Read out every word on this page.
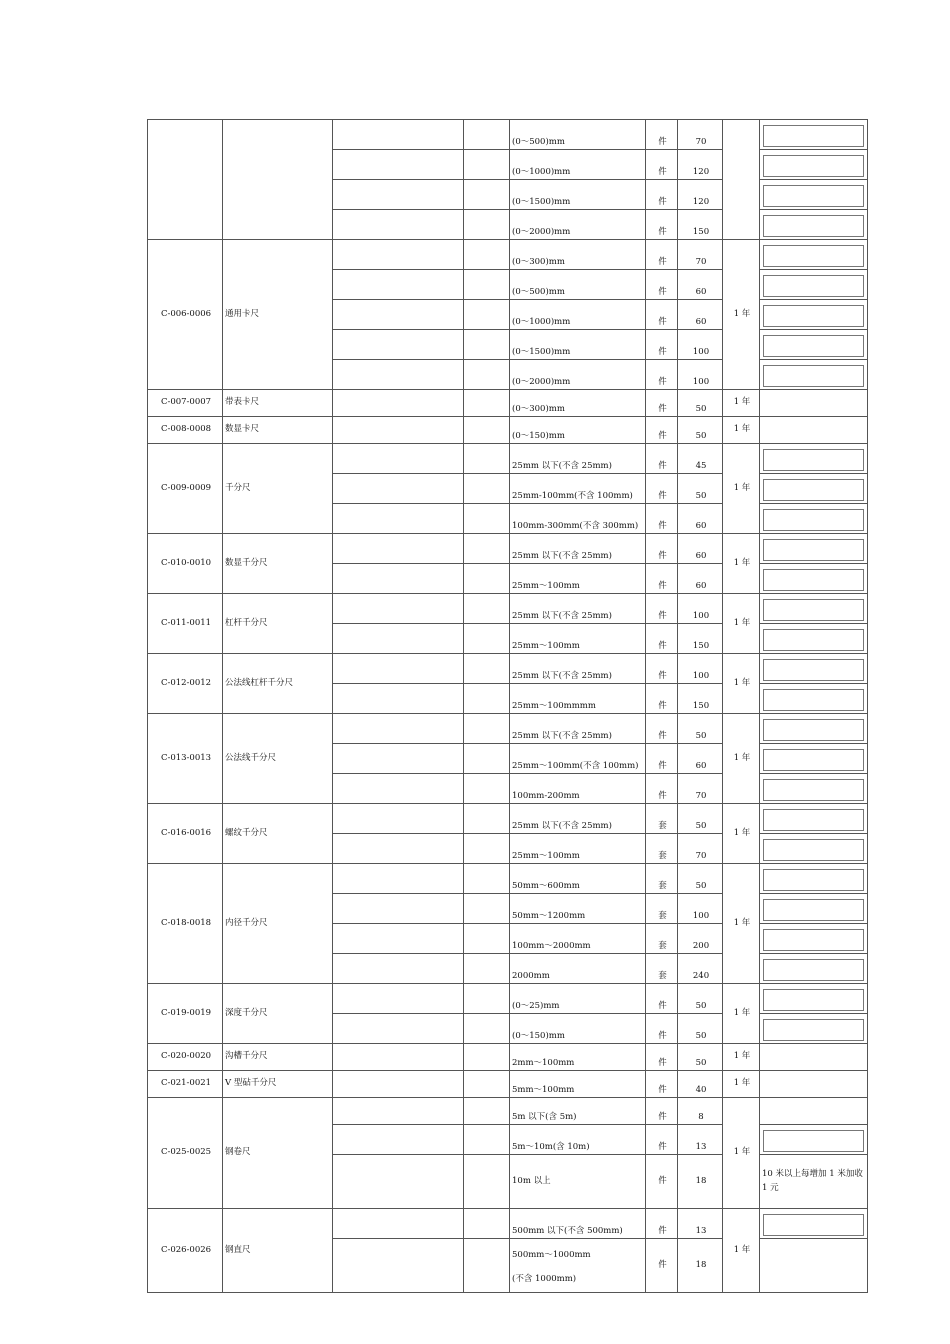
				(0～500)mm	件	70		

				(0～1000)mm	件	120		

				(0～1500)mm	件	120		

				(0～2000)mm	件	150		

C-006-0006	通用卡尺			(0～300)mm	件	70	1 年	

				(0～500)mm	件	60		

				(0～1000)mm	件	60		

				(0～1500)mm	件	100		

				(0～2000)mm	件	100		

C-007-0007	带表卡尺			(0～300)mm	件	50	1 年	
C-008-0008	数显卡尺			(0～150)mm	件	50	1 年	
C-009-0009	千分尺			25mm 以下(不含 25mm)	件	45	1 年	

				25mm-100mm(不含 100mm)	件	50		

				100mm-300mm(不含 300mm)	件	60		

C-010-0010	数显千分尺			25mm 以下(不含 25mm)	件	60	1 年	

				25mm～100mm	件	60		

C-011-0011	杠杆千分尺			25mm 以下(不含 25mm)	件	100	1 年	

				25mm～100mm	件	150		

C-012-0012	公法线杠杆千分尺			25mm 以下(不含 25mm)	件	100	1 年	

				25mm～100mmmm	件	150		

C-013-0013	公法线千分尺			25mm 以下(不含 25mm)	件	50	1 年	

				25mm～100mm(不含 100mm)	件	60		

				100mm-200mm	件	70		

C-016-0016	螺纹千分尺			25mm 以下(不含 25mm)	套	50	1 年	

				25mm～100mm	套	70		

C-018-0018	内径千分尺			50mm～600mm	套	50	1 年	

				50mm～1200mm	套	100		

				100mm～2000mm	套	200		

				2000mm	套	240		

C-019-0019	深度千分尺			(0～25)mm	件	50	1 年	

				(0～150)mm	件	50		

C-020-0020	沟槽千分尺			2mm～100mm	件	50	1 年	
C-021-0021	V 型砧千分尺			5mm～100mm	件	40	1 年	
C-025-0025	钢卷尺			5m 以下(含 5m)	件	8	1 年	
				5m～10m(含 10m)	件	13		

				10m 以上	件	18		10 米以上每增加 1 米加收 1 元
C-026-0026	钢直尺			500mm 以下(不含 500mm)	件	13	1 年	

				500mm～1000mm
(不含 1000mm)	件	18		
